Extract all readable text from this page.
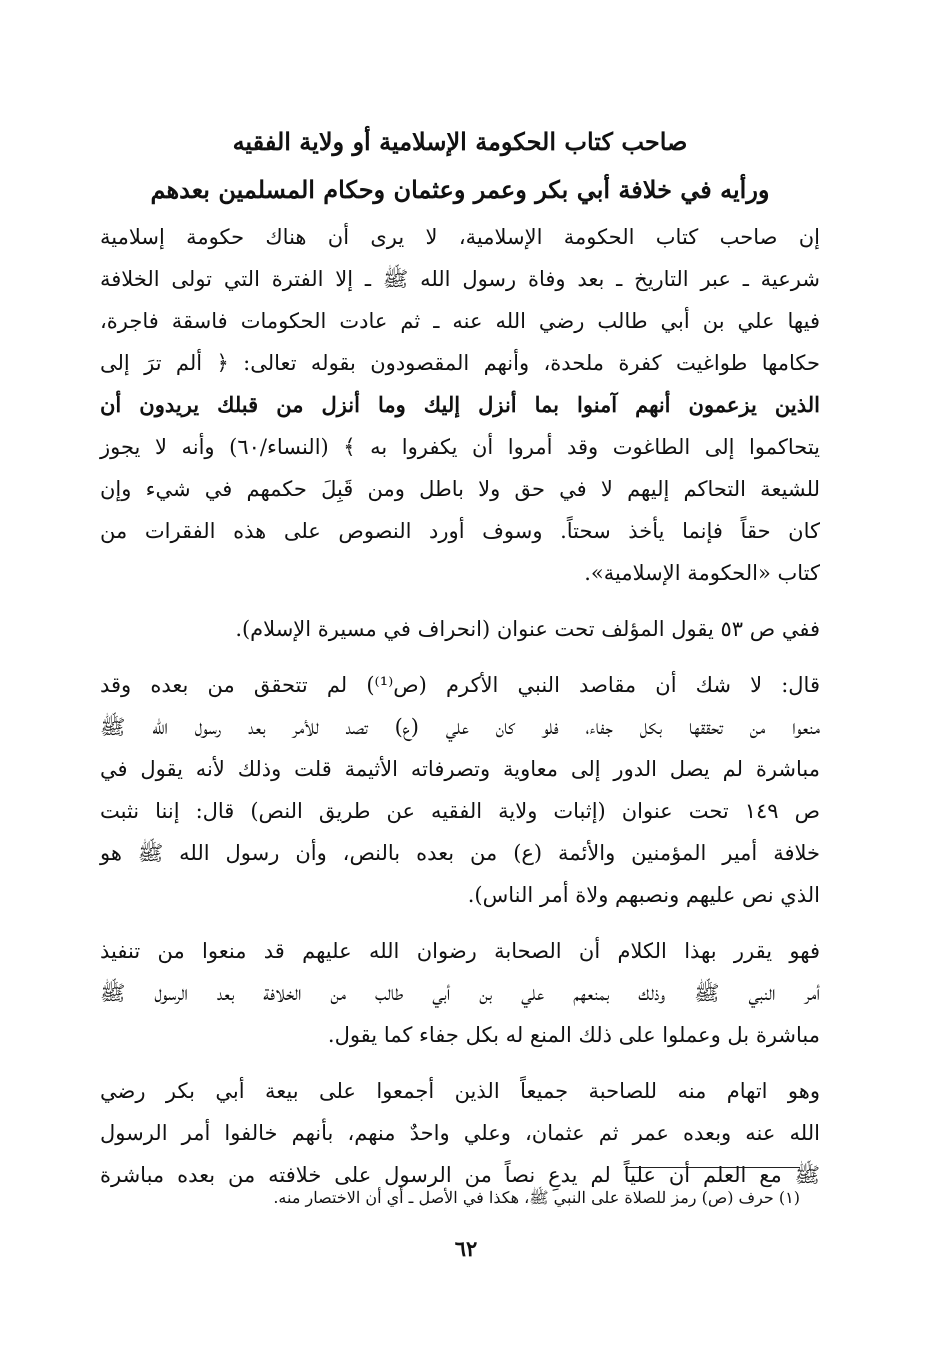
صاحب كتاب الحكومة الإسلامية أو ولاية الفقيه
ورأيه في خلافة أبي بكر وعمر وعثمان وحكام المسلمين بعدهم
إن صاحب كتاب الحكومة الإسلامية، لا يرى أن هناك حكومة إسلامية
شرعية ـ عبر التاريخ ـ بعد وفاة رسول الله ﷺ ـ إلا الفترة التي تولى الخلافة
فيها علي بن أبي طالب رضي الله عنه ـ ثم عادت الحكومات فاسقة فاجرة،
حكامها طواغيت كفرة ملحدة، وأنهم المقصودون بقوله تعالى: ﴿ ألم ترَ إلى
الذين يزعمون أنهم آمنوا بما أنزل إليك وما أنزل من قبلك يريدون أن
يتحاكموا إلى الطاغوت وقد أمروا أن يكفروا به ﴾ (النساء/٦٠) وأنه لا يجوز
للشيعة التحاكم إليهم لا في حق ولا باطل ومن قَبِلَ حكمهم في شيء وإن
كان حقاً فإنما يأخذ سحتاً. وسوف أورد النصوص على هذه الفقرات من
كتاب «الحكومة الإسلامية».
ففي ص ٥٣ يقول المؤلف تحت عنوان (انحراف في مسيرة الإسلام).
قال: لا شك أن مقاصد النبي الأكرم (ص⁽¹⁾) لم تتحقق من بعده وقد
منعوا من تحققها بكل جفاء، فلو كان علي (ع) تصد للأمر بعد رسول الله ﷺ
مباشرة لم يصل الدور إلى معاوية وتصرفاته الأثيمة قلت وذلك لأنه يقول في
ص ١٤٩ تحت عنوان (إثبات ولاية الفقيه عن طريق النص) قال: إننا نثبت
خلافة أمير المؤمنين والأئمة (ع) من بعده بالنص، وأن رسول الله ﷺ هو
الذي نص عليهم ونصبهم ولاة أمر الناس).
فهو يقرر بهذا الكلام أن الصحابة رضوان الله عليهم قد منعوا من تنفيذ
أمر النبي ﷺ وذلك بمنعهم علي بن أبي طالب من الخلافة بعد الرسول ﷺ
مباشرة بل وعملوا على ذلك المنع له بكل جفاء كما يقول.
وهو اتهام منه للصاحبة جميعاً الذين أجمعوا على بيعة أبي بكر رضي
الله عنه وبعده عمر ثم عثمان، وعلي واحدٌ منهم، بأنهم خالفوا أمر الرسول
ﷺ مع العلم أن علياً لم يدعِ نصاً من الرسول على خلافته من بعده مباشرة
(١) حرف (ص) رمز للصلاة على النبي ﷺ، هكذا في الأصل ـ أي أن الاختصار منه.
٦٢
